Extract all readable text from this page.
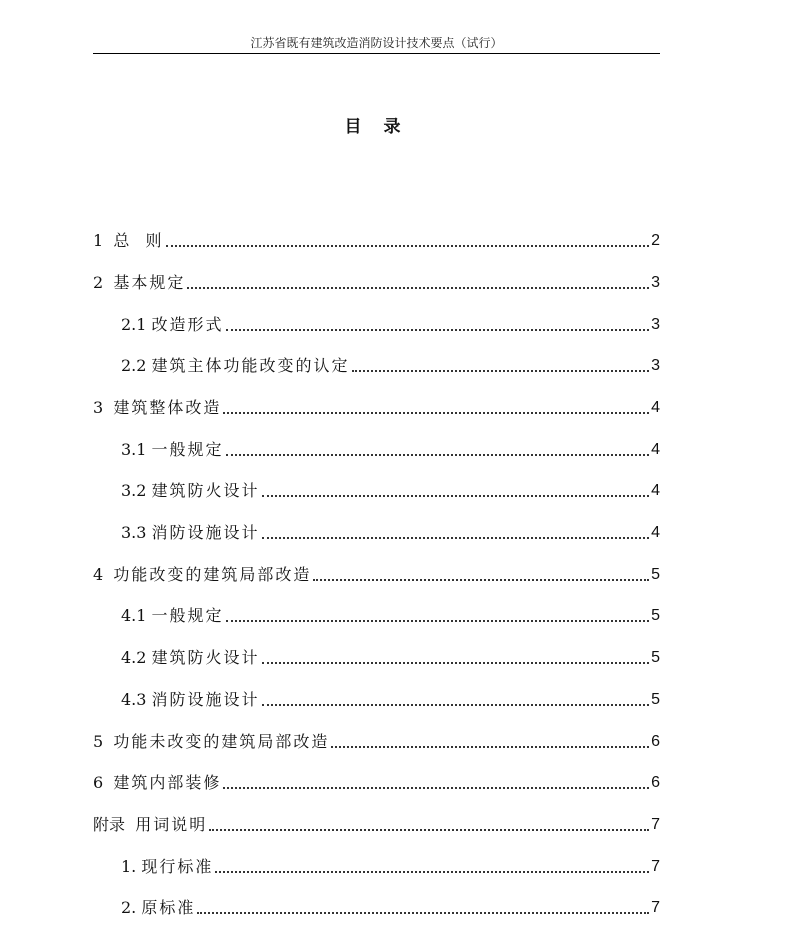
江苏省既有建筑改造消防设计技术要点（试行）
目 录
1 总  则	2
2 基本规定	3
2.1 改造形式	3
2.2 建筑主体功能改变的认定	3
3 建筑整体改造	4
3.1 一般规定	4
3.2 建筑防火设计	4
3.3 消防设施设计	4
4 功能改变的建筑局部改造	5
4.1 一般规定	5
4.2 建筑防火设计	5
4.3 消防设施设计	5
5 功能未改变的建筑局部改造	6
6 建筑内部装修	6
附录 用词说明	7
1. 现行标准	7
2. 原标准	7
